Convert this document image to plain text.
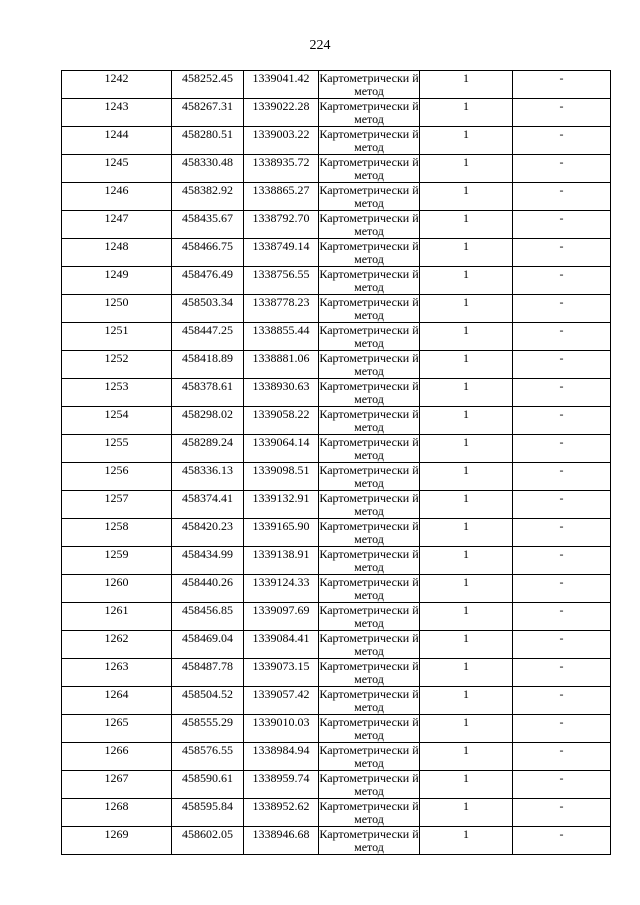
224
1242	458252.45	1339041.42	Картометрически й метод	1	-

1243	458267.31	1339022.28	Картометрически й метод	1	-

1244	458280.51	1339003.22	Картометрически й метод	1	-

1245	458330.48	1338935.72	Картометрически й метод	1	-

1246	458382.92	1338865.27	Картометрически й метод	1	-

1247	458435.67	1338792.70	Картометрически й метод	1	-

1248	458466.75	1338749.14	Картометрически й метод	1	-

1249	458476.49	1338756.55	Картометрически й метод	1	-

1250	458503.34	1338778.23	Картометрически й метод	1	-

1251	458447.25	1338855.44	Картометрически й метод	1	-

1252	458418.89	1338881.06	Картометрически й метод	1	-

1253	458378.61	1338930.63	Картометрически й метод	1	-

1254	458298.02	1339058.22	Картометрически й метод	1	-

1255	458289.24	1339064.14	Картометрически й метод	1	-

1256	458336.13	1339098.51	Картометрически й метод	1	-

1257	458374.41	1339132.91	Картометрически й метод	1	-

1258	458420.23	1339165.90	Картометрически й метод	1	-

1259	458434.99	1339138.91	Картометрически й метод	1	-

1260	458440.26	1339124.33	Картометрически й метод	1	-

1261	458456.85	1339097.69	Картометрически й метод	1	-

1262	458469.04	1339084.41	Картометрически й метод	1	-

1263	458487.78	1339073.15	Картометрически й метод	1	-

1264	458504.52	1339057.42	Картометрически й метод	1	-

1265	458555.29	1339010.03	Картометрически й метод	1	-

1266	458576.55	1338984.94	Картометрически й метод	1	-

1267	458590.61	1338959.74	Картометрически й метод	1	-

1268	458595.84	1338952.62	Картометрически й метод	1	-

1269	458602.05	1338946.68	Картометрически й метод	1	-
